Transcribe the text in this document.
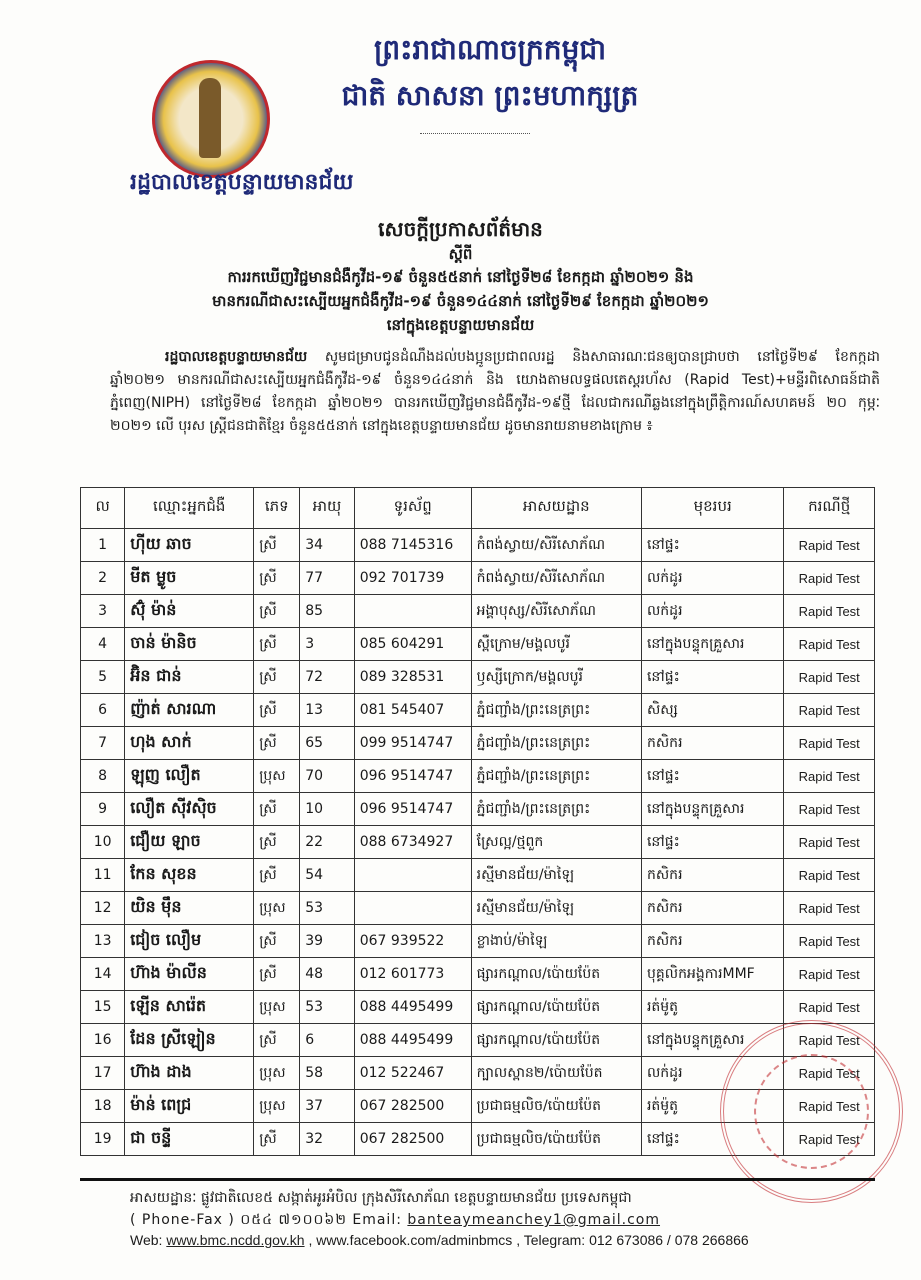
ព្រះរាជាណាចក្រកម្ពុជា
ជាតិ សាសនា ព្រះមហាក្សត្រ
រដ្ឋបាលខេត្តបន្ទាយមានជ័យ
សេចក្តីប្រកាសព័ត៌មាន
ស្តីពី
ការរកឃើញវិជ្ជមានជំងឺកូវីដ-១៩ ចំនួន៥៥នាក់ នៅថ្ងៃទី២៨ ខែកក្កដា ឆ្នាំ២០២១ និង
មានករណីជាសះស្បើយអ្នកជំងឺកូវីដ-១៩ ចំនួន១៤៤នាក់ នៅថ្ងៃទី២៩ ខែកក្កដា ឆ្នាំ២០២១
នៅក្នុងខេត្តបន្ទាយមានជ័យ
រដ្ឋបាលខេត្តបន្ទាយមានជ័យ សូមជម្រាបជូនដំណឹងដល់បងប្អូនប្រជាពលរដ្ឋ និងសាធារណៈជនឲ្យបានជ្រាបថា នៅថ្ងៃទី២៩ ខែកក្កដា ឆ្នាំ២០២១ មានករណីជាសះស្បើយអ្នកជំងឺកូវីដ-១៩ ចំនួន១៤៤នាក់ និង យោងតាមលទ្ធផលតេស្តរហ័ស (Rapid Test)+មន្ទីរពិសោធន៍ជាតិភ្នំពេញ(NIPH) នៅថ្ងៃទី២៨ ខែកក្កដា ឆ្នាំ២០២១ បានរកឃើញវិជ្ជមានជំងឺកូវីដ-១៩ថ្មី ដែលជាករណីឆ្លងនៅក្នុងព្រឹត្តិការណ៍សហគមន៍ ២០ កុម្ភៈ ២០២១ លើ បុរស ស្ត្រីជនជាតិខ្មែរ ចំនួន៥៥នាក់ នៅក្នុងខេត្តបន្ទាយមានជ័យ ដូចមានរាយនាមខាងក្រោម ៖
ល	ឈ្មោះអ្នកជំងឺ	ភេទ	អាយុ	ទូរស័ព្ទ	អាសយដ្ឋាន	មុខរបរ	ករណីថ្មី
1	ហ៊ីយ ឆាច	ស្រី	34	088 7145316	កំពង់ស្វាយ/សិរីសោភ័ណ	នៅផ្ទះ	Rapid Test
2	មីត ម្លូច	ស្រី	77	092 701739	កំពង់ស្វាយ/សិរីសោភ័ណ	លក់ដូរ	Rapid Test
3	ស៊ុំ ម៉ាន់	ស្រី	85		អង្គាបុស្ស/សិរីសោភ័ណ	លក់ដូរ	Rapid Test
4	ចាន់ ម៉ានិច	ស្រី	3	085 604291	ស្ពឺក្រោម/មង្គលបូរី	នៅក្នុងបន្ទុកគ្រួសារ	Rapid Test
5	អ៊ិន ជាន់	ស្រី	72	089 328531	ឫស្សីក្រោក/មង្គលបូរី	នៅផ្ទះ	Rapid Test
6	ញ៉ាត់ សារណា	ស្រី	13	081 545407	ភ្នំជញ្ជាំង/ព្រះនេត្រព្រះ	សិស្ស	Rapid Test
7	ហុង សាក់	ស្រី	65	099 9514747	ភ្នំជញ្ជាំង/ព្រះនេត្រព្រះ	កសិករ	Rapid Test
8	ឡុញ លឿត	ប្រុស	70	096 9514747	ភ្នំជញ្ជាំង/ព្រះនេត្រព្រះ	នៅផ្ទះ	Rapid Test
9	លឿត ស៊ីវស៊ិច	ស្រី	10	096 9514747	ភ្នំជញ្ជាំង/ព្រះនេត្រព្រះ	នៅក្នុងបន្ទុកគ្រួសារ	Rapid Test
10	ជឿយ ឡាច	ស្រី	22	088 6734927	ស្រែល្អ/ថ្មពួក	នៅផ្ទះ	Rapid Test
11	កែន សុខន	ស្រី	54		រស្មីមានជ័យ/ម៉ាឡៃ	កសិករ	Rapid Test
12	យិន ម៉ឹន	ប្រុស	53		រស្មីមានជ័យ/ម៉ាឡៃ	កសិករ	Rapid Test
13	ជៀច លឿម	ស្រី	39	067 939522	ខ្លាងាប់/ម៉ាឡៃ	កសិករ	Rapid Test
14	ហ៊ាង ម៉ាលីន	ស្រី	48	012 601773	ផ្សារកណ្តាល/ប៉ោយប៉ែត	បុគ្គលិកអង្គការMMF	Rapid Test
15	ឡើន សារ៉េត	ប្រុស	53	088 4495499	ផ្សារកណ្តាល/ប៉ោយប៉ែត	រត់ម៉ូតូ	Rapid Test
16	ដែន ស្រីឡៀន	ស្រី	6	088 4495499	ផ្សារកណ្តាល/ប៉ោយប៉ែត	នៅក្នុងបន្ទុកគ្រួសារ	Rapid Test
17	ហ៊ាង ដាង	ប្រុស	58	012 522467	ក្បាលស្ពាន២/ប៉ោយប៉ែត	លក់ដូរ	Rapid Test
18	ម៉ាន់ ពេជ្រ	ប្រុស	37	067 282500	ប្រជាធម្មលិច/ប៉ោយប៉ែត	រត់ម៉ូតូ	Rapid Test
19	ជា ចន្ទី	ស្រី	32	067 282500	ប្រជាធម្មលិច/ប៉ោយប៉ែត	នៅផ្ទះ	Rapid Test
អាសយដ្ឋានៈ ផ្លូវជាតិលេខ៥ សង្កាត់អូរអំបិល ក្រុងសិរីសោភ័ណ ខេត្តបន្ទាយមានជ័យ ប្រទេសកម្ពុជា
( Phone-Fax ) ០៥៤ ៧១០០៦២ Email: banteaymeanchey1@gmail.com
Web: www.bmc.ncdd.gov.kh , www.facebook.com/adminbmcs , Telegram: 012 673086 / 078 266866
